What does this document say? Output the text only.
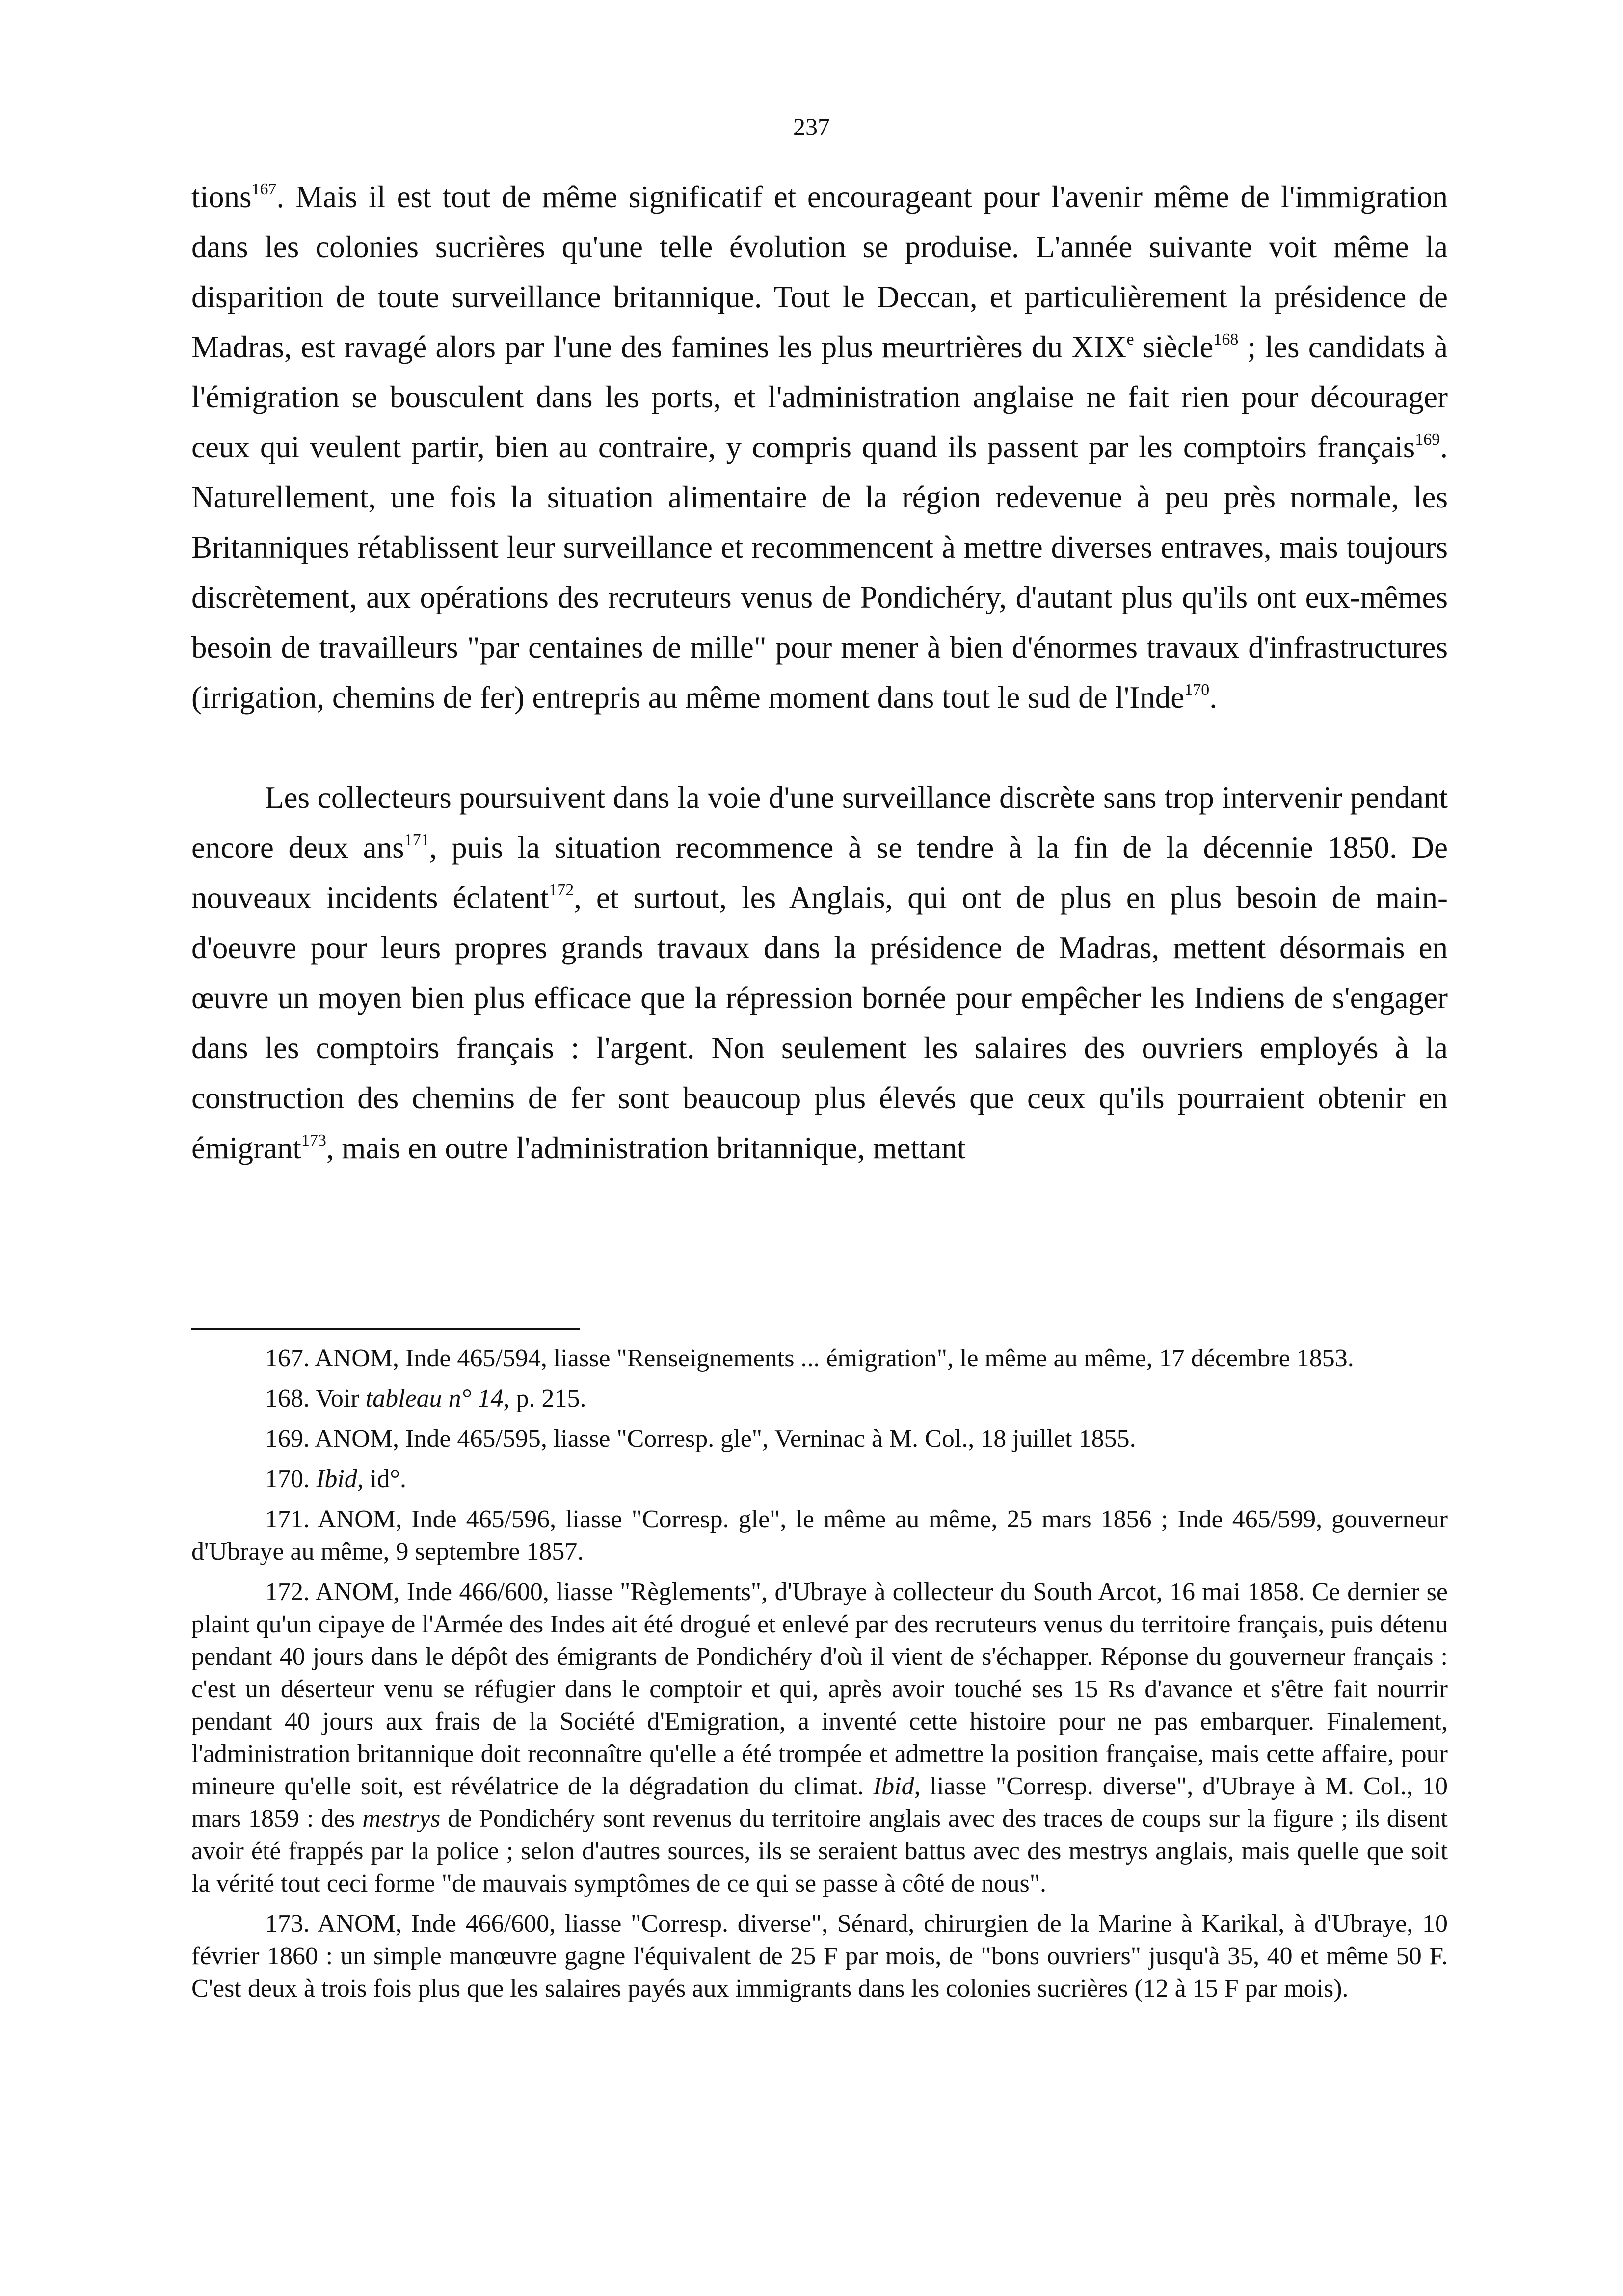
237

tions$^{167}$. Mais il est tout de même significatif et encourageant pour l'avenir même de l'immigration dans les colonies sucrières qu'une telle évolution se produise. L'année suivante voit même la disparition de toute surveillance britannique. Tout le Deccan, et particulièrement la présidence de Madras, est ravagé alors par l'une des famines les plus meurtrières du XIXe siècle$^{168}$ ; les candidats à l'émigration se bousculent dans les ports, et l'administration anglaise ne fait rien pour décourager ceux qui veulent partir, bien au contraire, y compris quand ils passent par les comptoirs français$^{169}$. Naturellement, une fois la situation alimentaire de la région redevenue à peu près normale, les Britanniques rétablissent leur surveillance et recommencent à mettre diverses entraves, mais toujours discrètement, aux opérations des recruteurs venus de Pondichéry, d'autant plus qu'ils ont eux-mêmes besoin de travailleurs "par centaines de mille" pour mener à bien d'énormes travaux d'infrastructures (irrigation, chemins de fer) entrepris au même moment dans tout le sud de l'Inde$^{170}$.

Les collecteurs poursuivent dans la voie d'une surveillance discrète sans trop intervenir pendant encore deux ans$^{171}$, puis la situation recommence à se tendre à la fin de la décennie 1850. De nouveaux incidents éclatent$^{172}$, et surtout, les Anglais, qui ont de plus en plus besoin de main-d'oeuvre pour leurs propres grands travaux dans la présidence de Madras, mettent désormais en œuvre un moyen bien plus efficace que la répression bornée pour empêcher les Indiens de s'engager dans les comptoirs français : l'argent. Non seulement les salaires des ouvriers employés à la construction des chemins de fer sont beaucoup plus élevés que ceux qu'ils pourraient obtenir en émigrant$^{173}$, mais en outre l'administration britannique, mettant

167. ANOM, Inde 465/594, liasse "Renseignements ... émigration", le même au même, 17 décembre 1853.

168. Voir tableau n° 14, p. 215.

169. ANOM, Inde 465/595, liasse "Corresp. gle", Verninac à M. Col., 18 juillet 1855.

170. Ibid, id°.

171. ANOM, Inde 465/596, liasse "Corresp. gle", le même au même, 25 mars 1856 ; Inde 465/599, gouverneur d'Ubraye au même, 9 septembre 1857.

172. ANOM, Inde 466/600, liasse "Règlements", d'Ubraye à collecteur du South Arcot, 16 mai 1858. Ce dernier se plaint qu'un cipaye de l'Armée des Indes ait été drogué et enlevé par des recruteurs venus du territoire français, puis détenu pendant 40 jours dans le dépôt des émigrants de Pondichéry d'où il vient de s'échapper. Réponse du gouverneur français : c'est un déserteur venu se réfugier dans le comptoir et qui, après avoir touché ses 15 Rs d'avance et s'être fait nourrir pendant 40 jours aux frais de la Société d'Emigration, a inventé cette histoire pour ne pas embarquer. Finalement, l'administration britannique doit reconnaître qu'elle a été trompée et admettre la position française, mais cette affaire, pour mineure qu'elle soit, est révélatrice de la dégradation du climat. Ibid, liasse "Corresp. diverse", d'Ubraye à M. Col., 10 mars 1859 : des mestrys de Pondichéry sont revenus du territoire anglais avec des traces de coups sur la figure ; ils disent avoir été frappés par la police ; selon d'autres sources, ils se seraient battus avec des mestrys anglais, mais quelle que soit la vérité tout ceci forme "de mauvais symptômes de ce qui se passe à côté de nous".

173. ANOM, Inde 466/600, liasse "Corresp. diverse", Sénard, chirurgien de la Marine à Karikal, à d'Ubraye, 10 février 1860 : un simple manœuvre gagne l'équivalent de 25 F par mois, de "bons ouvriers" jusqu'à 35, 40 et même 50 F. C'est deux à trois fois plus que les salaires payés aux immigrants dans les colonies sucrières (12 à 15 F par mois).
